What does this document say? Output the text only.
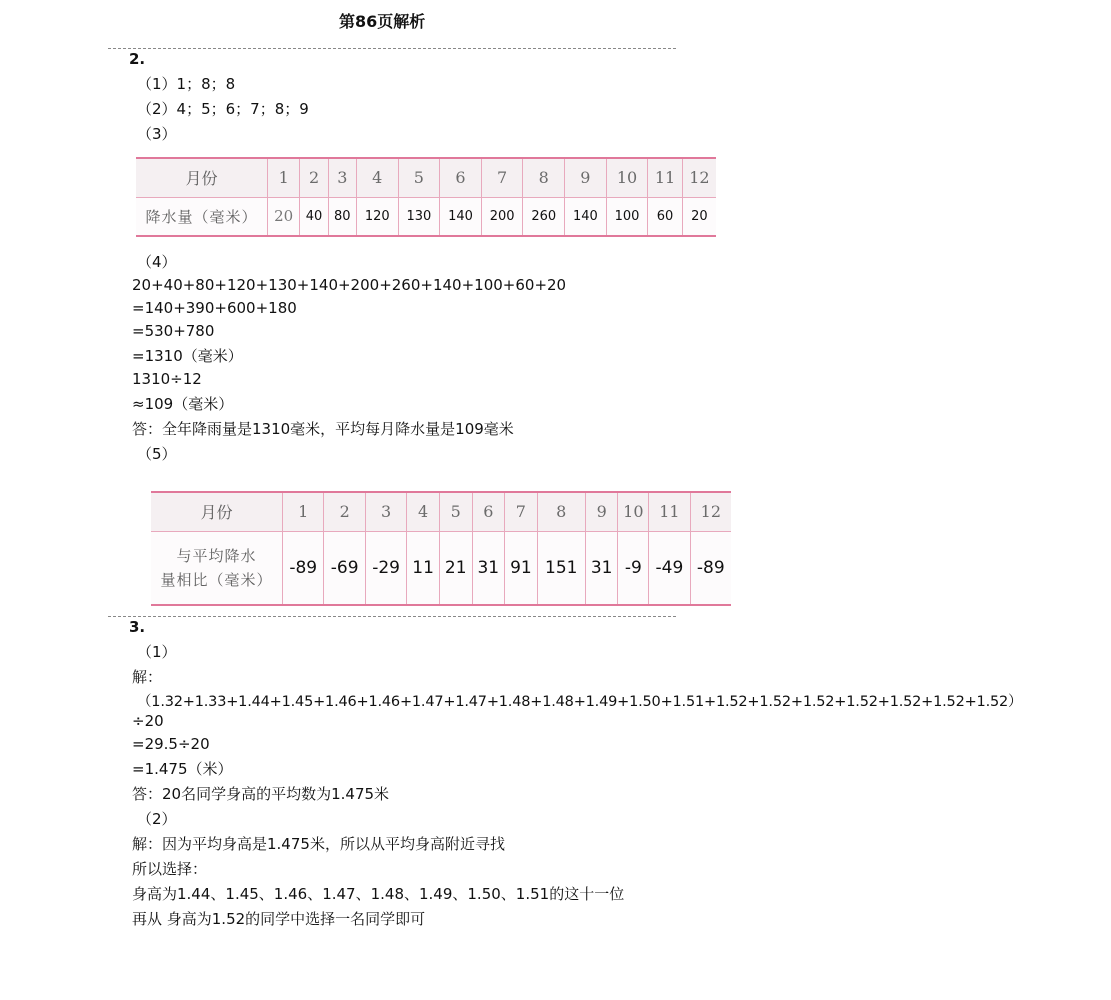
第86页解析
2.
（1）1；8；8
（2）4；5；6；7；8；9
（3）
月份	1	2	3	4	5	6	7	8	9	10	11	12
降水量（毫米）	20	40	80	120	130	140	200	260	140	100	60	20
（4）
20+40+80+120+130+140+200+260+140+100+60+20
=140+390+600+180
=530+780
=1310（毫米）
1310÷12
≈109（毫米）
答：全年降雨量是1310毫米，平均每月降水量是109毫米
（5）
月份	1	2	3	4	5	6	7	8	9	10	11	12

与平均降水
量相比（毫米）	-89	-69	-29	11	21	31	91	151	31	-9	-49	-89
3.
（1）
解：
（1.32+1.33+1.44+1.45+1.46+1.46+1.47+1.47+1.48+1.48+1.49+1.50+1.51+1.52+1.52+1.52+1.52+1.52+1.52+1.52）
÷20
=29.5÷20
=1.475（米）
答：20名同学身高的平均数为1.475米
（2）
解：因为平均身高是1.475米，所以从平均身高附近寻找
所以选择：
身高为1.44、1.45、1.46、1.47、1.48、1.49、1.50、1.51的这十一位
再从 身高为1.52的同学中选择一名同学即可
